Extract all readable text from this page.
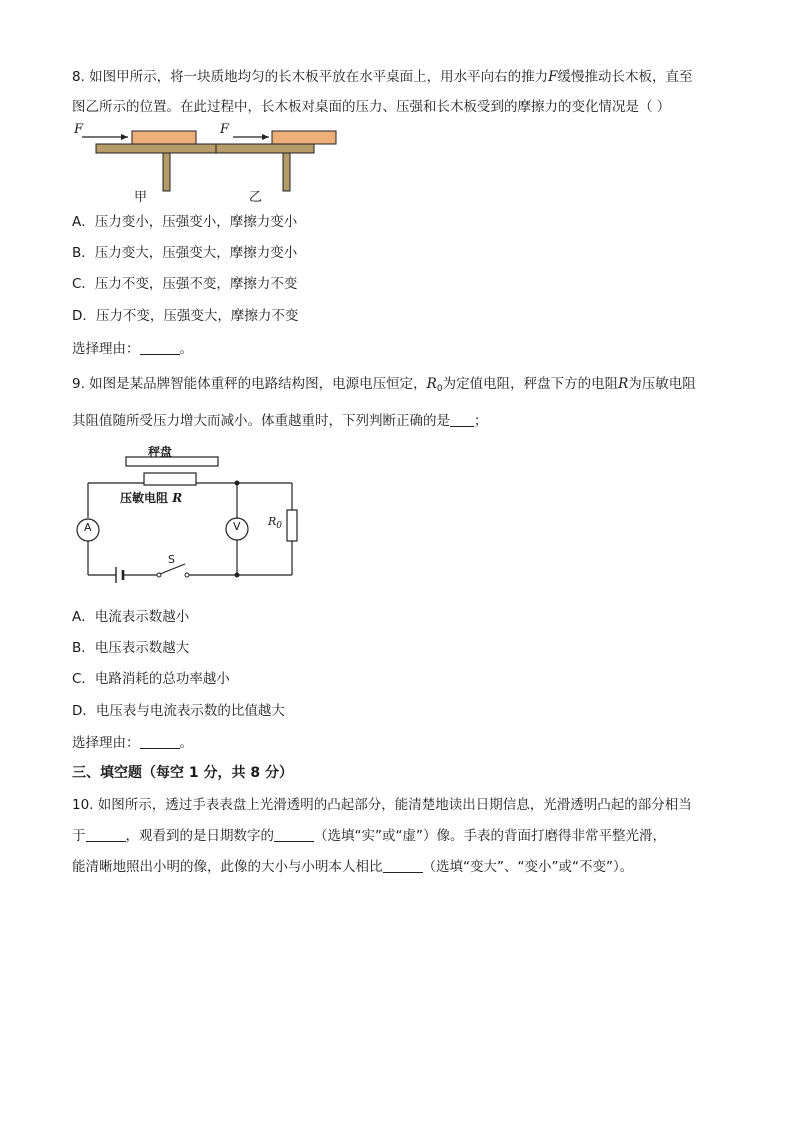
8. 如图甲所示，将一块质地均匀的长木板平放在水平桌面上，用水平向右的推力F缓慢推动长木板，直至
图乙所示的位置。在此过程中，长木板对桌面的压力、压强和长木板受到的摩擦力的变化情况是（ ）
F	F
甲	乙
A．压力变小，压强变小，摩擦力变小
B．压力变大，压强变大，摩擦力变小
C．压力不变，压强不变，摩擦力不变
D．压力不变，压强变大，摩擦力不变
选择理由：	。
9. 如图是某品牌智能体重秤的电路结构图，电源电压恒定，$R_0$为定值电阻，秤盘下方的电阻R为压敏电阻
其阻值随所受压力增大而减小。体重越重时，下列判断正确的是 ；
秤盘
压敏电阻 R
A	V $R_0$
S
A．电流表示数越小
B．电压表示数越大
C．电路消耗的总功率越小
D．电压表与电流表示数的比值越大
选择理由：	。
三、填空题（每空 1 分，共 8 分）
10. 如图所示，透过手表表盘上光滑透明的凸起部分，能清楚地读出日期信息，光滑透明凸起的部分相当
于	，观看到的是日期数字的	（选填“实”或“虚”）像。手表的背面打磨得非常平整光滑，
能清晰地照出小明的像，此像的大小与小明本人相比	（选填“变大”、“变小”或“不变”）。
